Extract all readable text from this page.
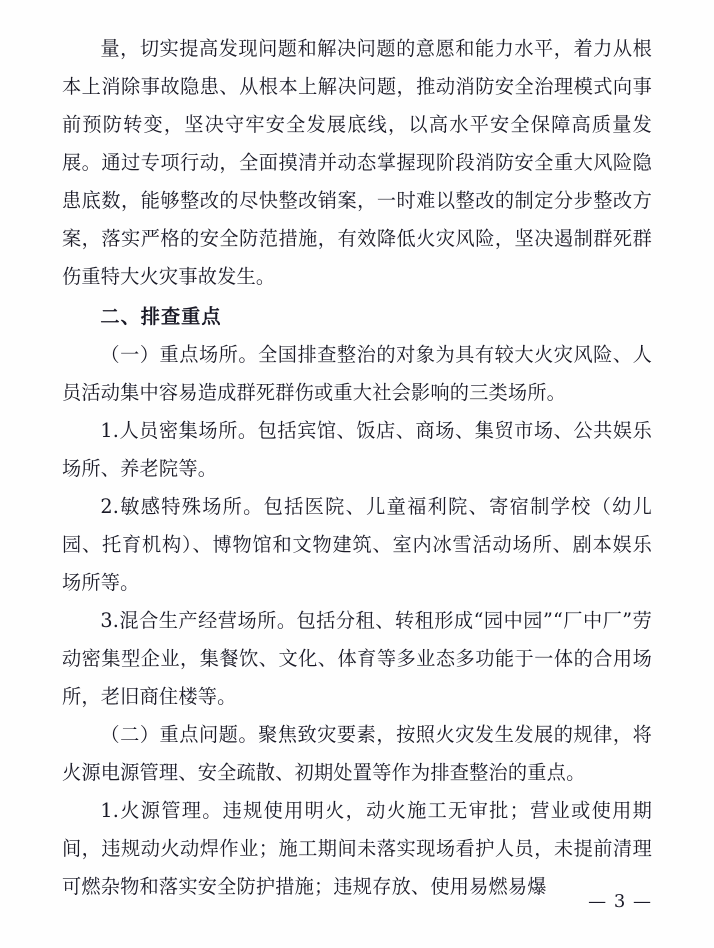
量，切实提高发现问题和解决问题的意愿和能力水平，着力从根本上消除事故隐患、从根本上解决问题，推动消防安全治理模式向事前预防转变，坚决守牢安全发展底线，以高水平安全保障高质量发展。通过专项行动，全面摸清并动态掌握现阶段消防安全重大风险隐患底数，能够整改的尽快整改销案，一时难以整改的制定分步整改方案，落实严格的安全防范措施，有效降低火灾风险，坚决遏制群死群伤重特大火灾事故发生。

二、排查重点

（一）重点场所。全国排查整治的对象为具有较大火灾风险、人员活动集中容易造成群死群伤或重大社会影响的三类场所。

1.人员密集场所。包括宾馆、饭店、商场、集贸市场、公共娱乐场所、养老院等。

2.敏感特殊场所。包括医院、儿童福利院、寄宿制学校（幼儿园、托育机构）、博物馆和文物建筑、室内冰雪活动场所、剧本娱乐场所等。

3.混合生产经营场所。包括分租、转租形成“园中园”“厂中厂”劳动密集型企业，集餐饮、文化、体育等多业态多功能于一体的合用场所，老旧商住楼等。

（二）重点问题。聚焦致灾要素，按照火灾发生发展的规律，将火源电源管理、安全疏散、初期处置等作为排查整治的重点。

1.火源管理。违规使用明火，动火施工无审批；营业或使用期间，违规动火动焊作业；施工期间未落实现场看护人员，未提前清理可燃杂物和落实安全防护措施；违规存放、使用易燃易爆

— 3 —
